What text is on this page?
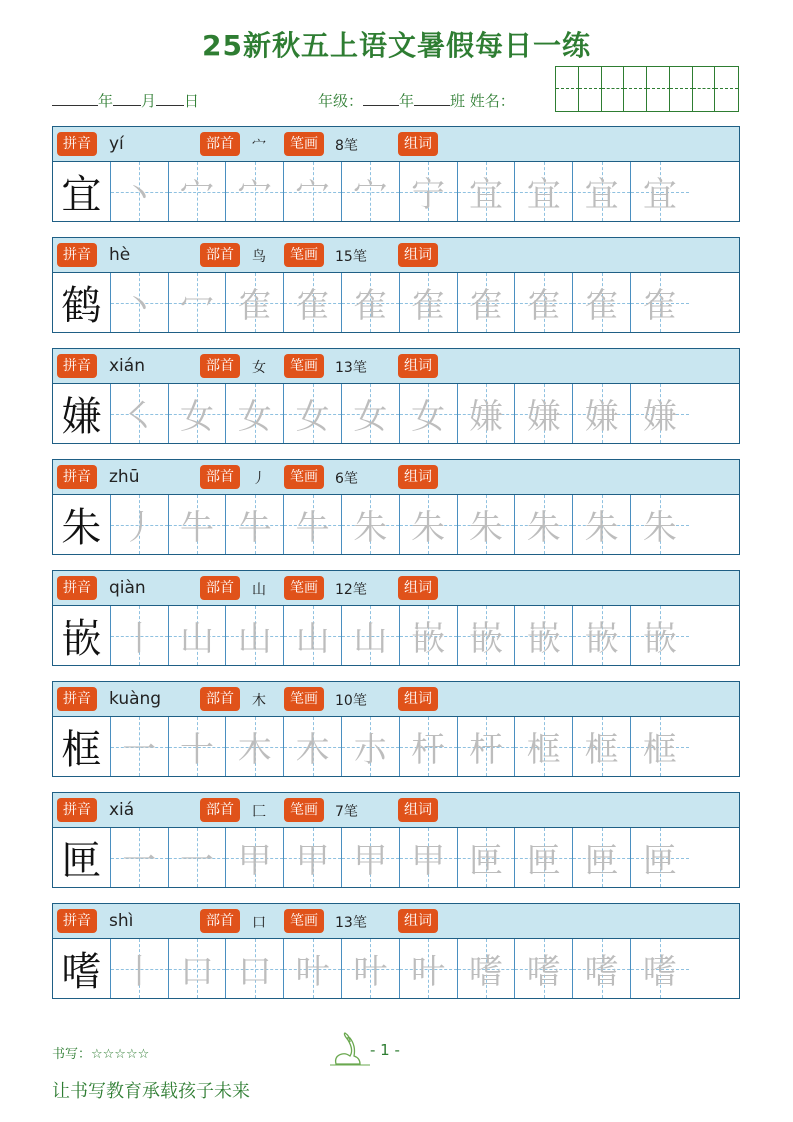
25新秋五上语文暑假每日一练
年 月 日	年级： 年 班 姓名：
拼音	yí	部首	宀	笔画	8笔	组词
宜 丶 宀 宀 宀 宀 宁 宜 宜 宜 宜
拼音	hè	部首	鸟	笔画	15笔	组词
鹤 丶 冖 隺 隺 隺 隺 隺 隺 隺 隺
拼音	xián	部首	女	笔画	13笔	组词
嫌 ㇛ 女 女 女 女 女 嫌 嫌 嫌 嫌
拼音	zhū	部首	丿	笔画	6笔	组词
朱 丿 牛 牛 牛 朱 朱 朱 朱 朱 朱
拼音	qiàn	部首	山	笔画	12笔	组词
嵌 丨 山 山 山 山 嵌 嵌 嵌 嵌 嵌
拼音	kuàng	部首	木	笔画	10笔	组词
框 一 十 木 木 朩 杆 杆 框 框 框
拼音	xiá	部首	匚	笔画	7笔	组词
匣 一 一 甲 甲 甲 甲 匣 匣 匣 匣
拼音	shì	部首	口	笔画	13笔	组词
嗜 丨 口 口 叶 叶 叶 嗜 嗜 嗜 嗜
书写：☆☆☆☆☆	- 1 -
让书写教育承载孩子未来
